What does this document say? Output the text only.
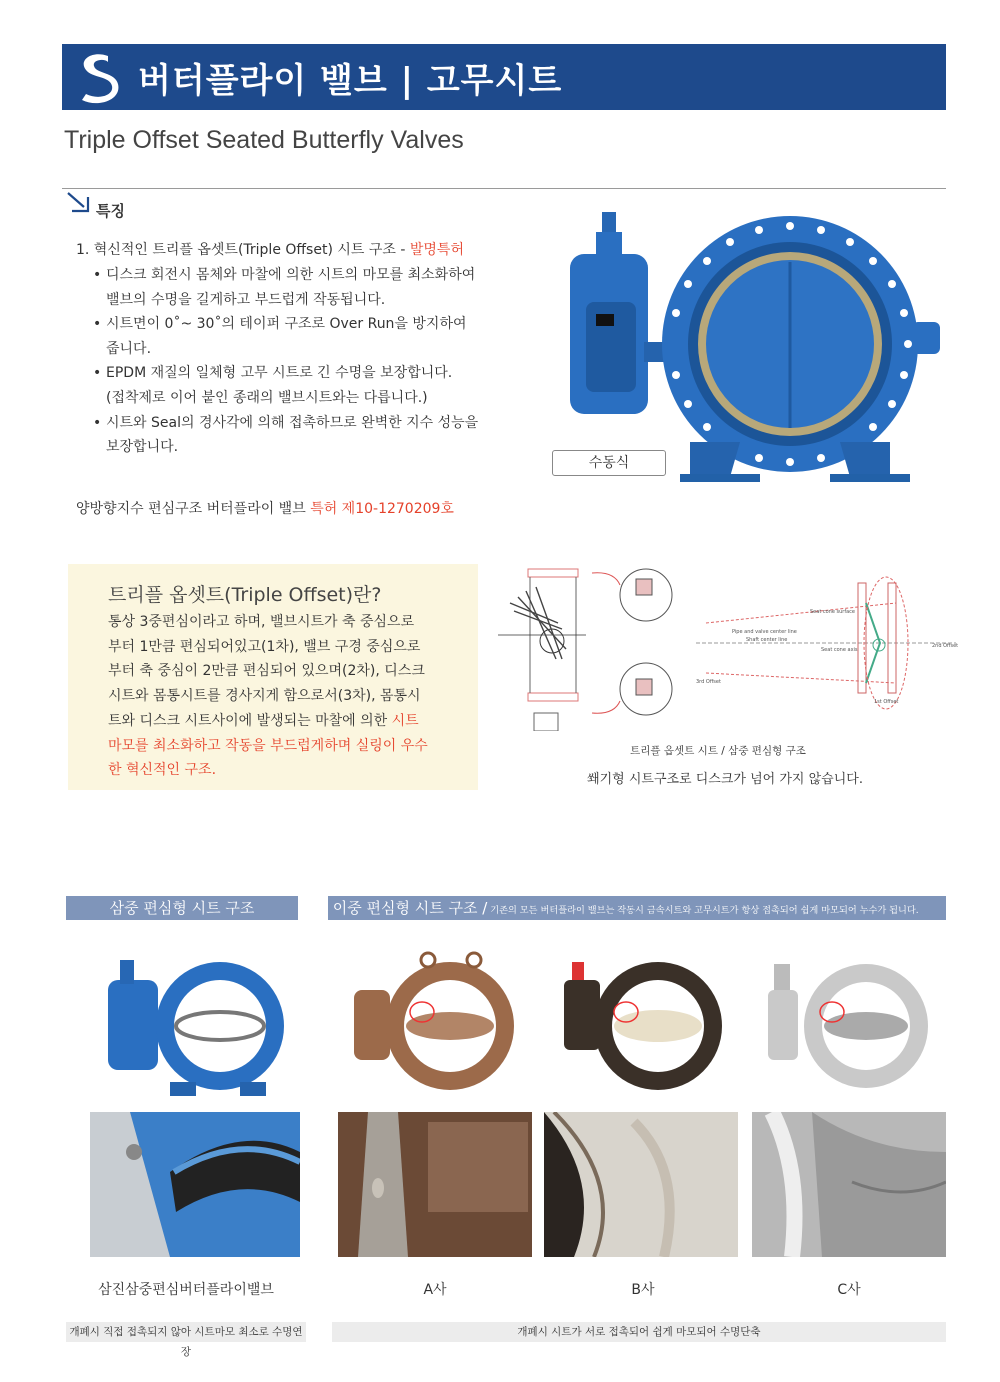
버터플라이 밸브 | 고무시트
Triple Offset Seated Butterfly Valves
특징
1. 혁신적인 트리플 옵셋트(Triple Offset) 시트 구조 - 발명특허
• 디스크 회전시 몸체와 마찰에 의한 시트의 마모를 최소화하여
밸브의 수명을 길게하고 부드럽게 작동됩니다.
• 시트면이 0˚~ 30˚의 테이퍼 구조로 Over Run을 방지하여
줍니다.
• EPDM 재질의 일체형 고무 시트로 긴 수명을 보장합니다.
(접착제로 이어 붙인 종래의 밸브시트와는 다릅니다.)
• 시트와 Seal의 경사각에 의해 접촉하므로 완벽한 지수 성능을
보장합니다.
양방향지수 편심구조 버터플라이 밸브 특허 제10-1270209호
수동식
트리플 옵셋트(Triple Offset)란?
통상 3중편심이라고 하며, 밸브시트가 축 중심으로
부터 1만큼 편심되어있고(1차), 밸브 구경 중심으로
부터 축 중심이 2만큼 편심되어 있으며(2차), 디스크
시트와 몸통시트를 경사지게 함으로서(3차), 몸통시
트와 디스크 시트사이에 발생되는 마찰에 의한 시트
마모를 최소화하고 작동을 부드럽게하며 실링이 우수
한 혁신적인 구조.
1st Offset
2nd Offset
3rd Offset
Seat cone axis
Seat cone surface
Pipe and valve center line
Shaft center line
트리플 옵셋트 시트 / 삼중 편심형 구조
쐐기형 시트구조로 디스크가 넘어 가지 않습니다.
삼중 편심형 시트 구조	이중 편심형 시트 구조 / 기존의 모든 버터플라이 밸브는 작동시 금속시트와 고무시트가 항상 접촉되어 쉽게 마모되어 누수가 됩니다.
삼진삼중편심버터플라이밸브	A사	B사	C사
개폐시 직접 접촉되지 않아 시트마모 최소로 수명연장
개폐시 시트가 서로 접촉되어 쉽게 마모되어 수명단축
